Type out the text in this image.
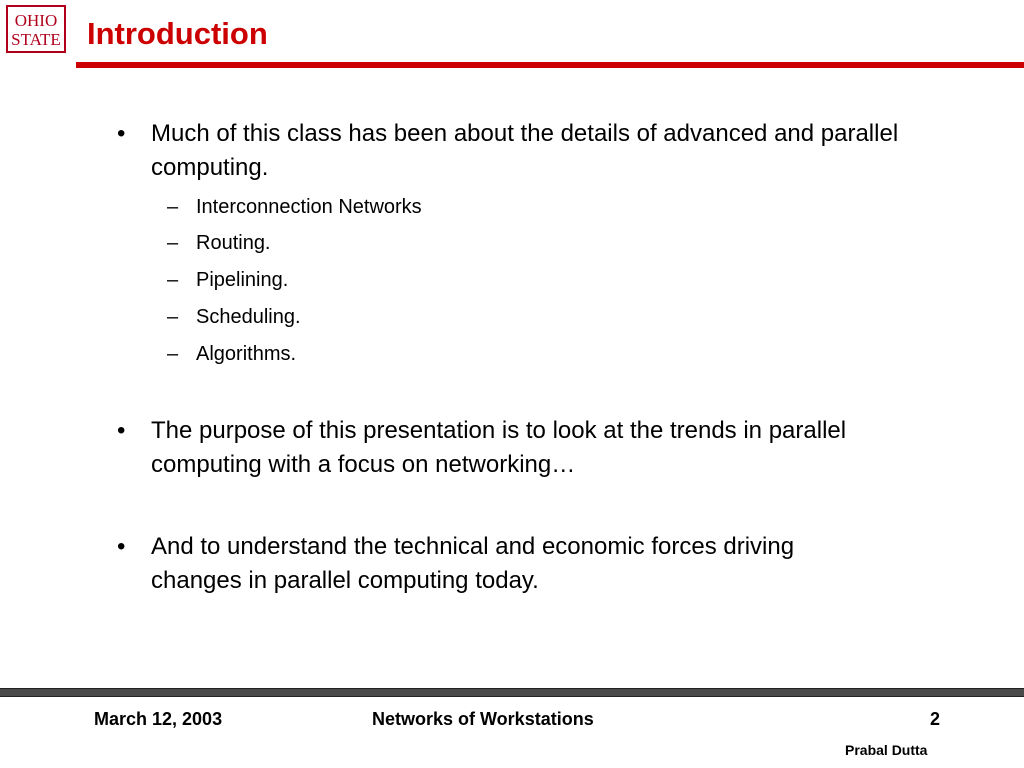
OHIO
STATE Introduction
• Much of this class has been about the details of advanced and parallel computing.
– Interconnection Networks
– Routing.
– Pipelining.
– Scheduling.
– Algorithms.
• The purpose of this presentation is to look at the trends in parallel computing with a focus on networking…
• And to understand the technical and economic forces driving changes in parallel computing today.
March 12, 2003	Networks of Workstations	2
Prabal Dutta
